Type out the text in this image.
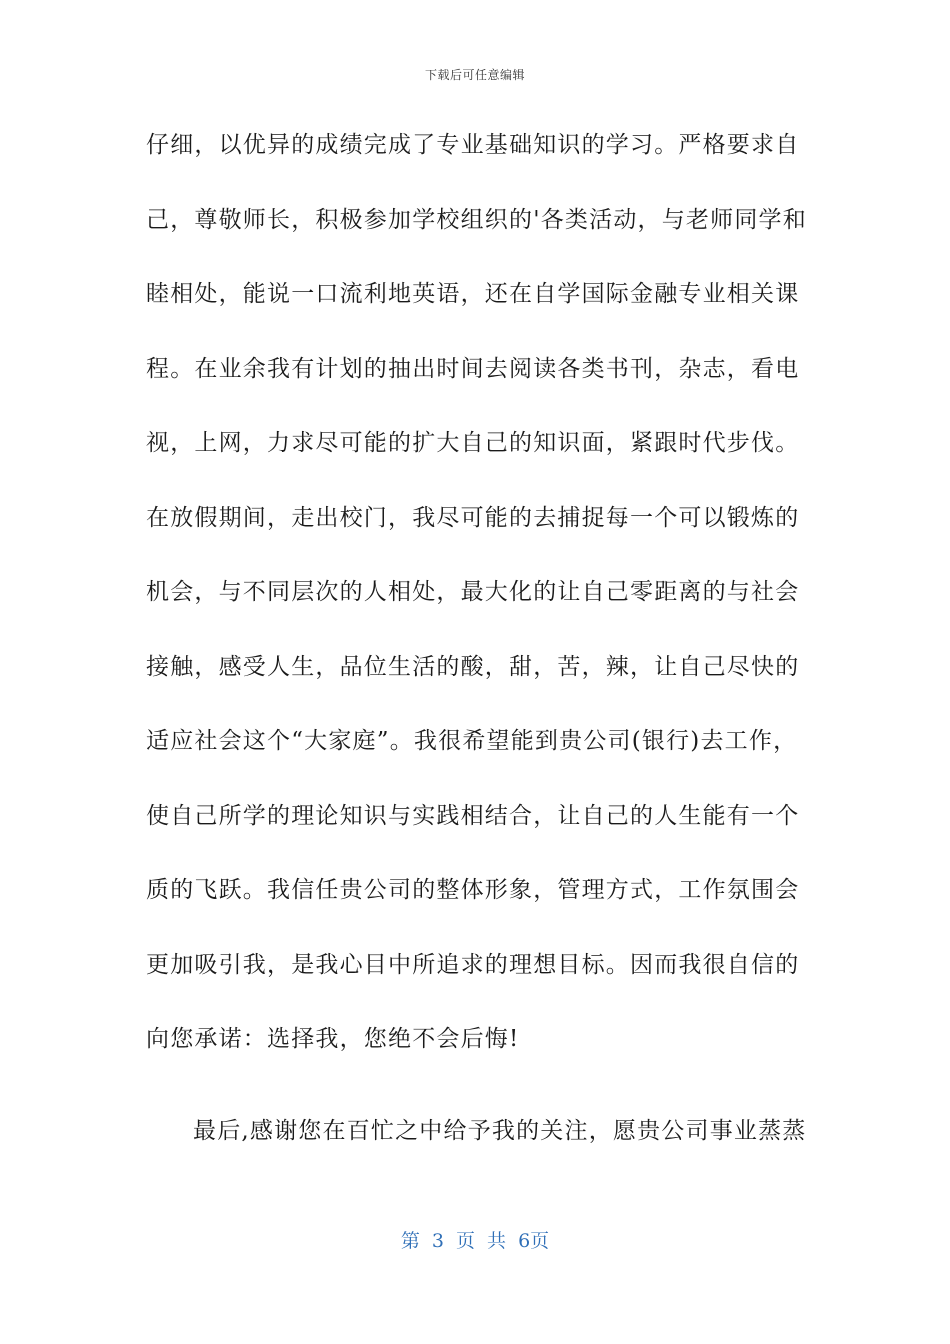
下载后可任意编辑
仔细，以优异的成绩完成了专业基础知识的学习。严格要求自
己，尊敬师长，积极参加学校组织的'各类活动，与老师同学和
睦相处，能说一口流利地英语，还在自学国际金融专业相关课
程。在业余我有计划的抽出时间去阅读各类书刊，杂志，看电
视，上网，力求尽可能的扩大自己的知识面，紧跟时代步伐。
在放假期间，走出校门，我尽可能的去捕捉每一个可以锻炼的
机会，与不同层次的人相处，最大化的让自己零距离的与社会
接触，感受人生，品位生活的酸，甜，苦，辣，让自己尽快的
适应社会这个“大家庭”。我很希望能到贵公司(银行)去工作，
使自己所学的理论知识与实践相结合，让自己的人生能有一个
质的飞跃。我信任贵公司的整体形象，管理方式，工作氛围会
更加吸引我，是我心目中所追求的理想目标。因而我很自信的
向您承诺：选择我，您绝不会后悔!
最后,感谢您在百忙之中给予我的关注，愿贵公司事业蒸蒸
第 3 页 共 6页
